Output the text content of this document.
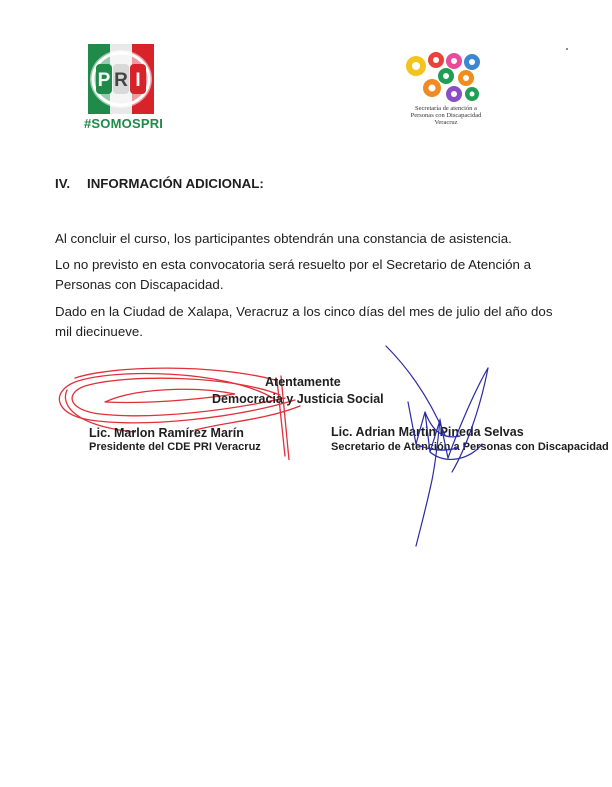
P R I
#SOMOSPRI
Secretaría de atención a
Personas con Discapacidad
Veracruz
IV. INFORMACIÓN ADICIONAL:
Al concluir el curso, los participantes obtendrán una constancia de asistencia.
Lo no previsto en esta convocatoria será resuelto por el Secretario de Atención a Personas con Discapacidad.
Dado en la Ciudad de Xalapa, Veracruz a los cinco días del mes de julio del año dos mil diecinueve.
Atentamente
Democracia y Justicia Social
Lic. Marlon Ramírez Marín
Presidente del CDE PRI Veracruz
Lic. Adrian Martin Pineda Selvas
Secretario de Atención a Personas con Discapacidad
